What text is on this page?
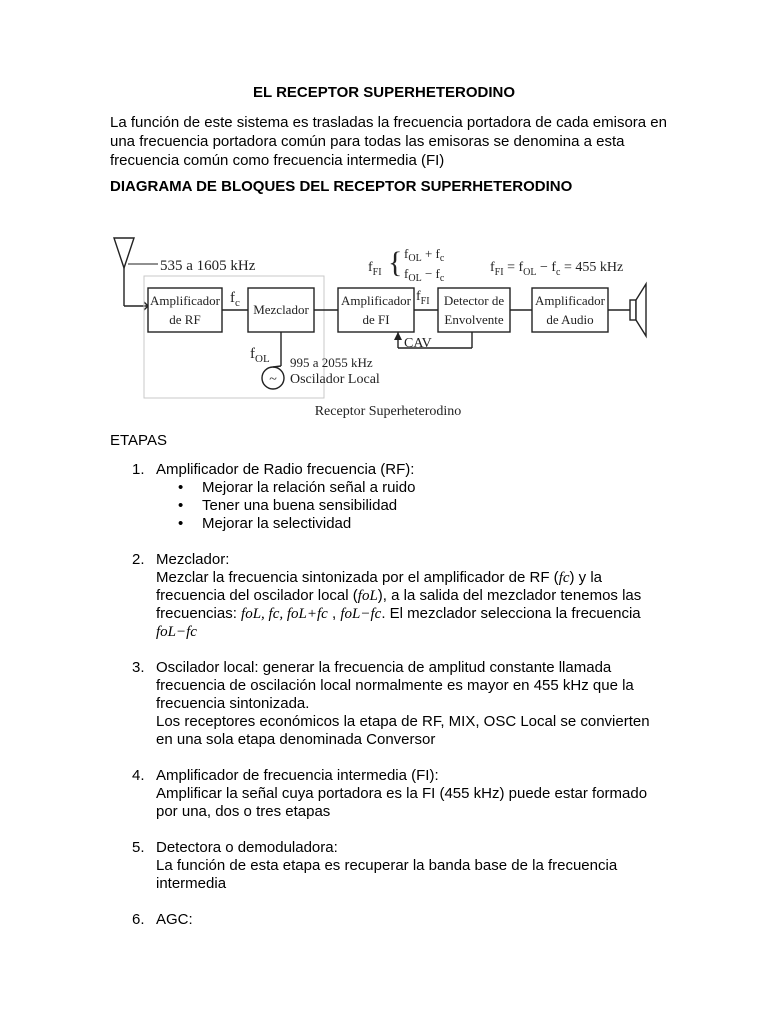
EL RECEPTOR SUPERHETERODINO
La función de este sistema es trasladas la frecuencia portadora de cada emisora en una frecuencia portadora común para todas las emisoras se denomina a esta frecuencia común como frecuencia intermedia (FI)
DIAGRAMA DE BLOQUES DEL RECEPTOR SUPERHETERODINO
535 a 1605 kHz
Amplificador
de RF
Mezclador
Amplificador
de FI
Detector de
Envolvente
Amplificador
de Audio
~ Oscilador Local
995 a 2055 kHz
$f_{OL}$
$f_c$	$f_{FI}$
$f_{FI}$ { $f_{OL} + f_c$
$f_{OL} - f_c$
$f_{FI} = f_{OL} - f_c = 455$ kHz
CAV
Receptor Superheterodino
ETAPAS
1. Amplificador de Radio frecuencia (RF):
• Mejorar la relación señal a ruido
• Tener una buena sensibilidad
• Mejorar la selectividad
2. Mezclador:
Mezclar la frecuencia sintonizada por el amplificador de RF (fc) y la frecuencia del oscilador local (foL), a la salida del mezclador tenemos las frecuencias: foL, fc, foL+fc , foL−fc. El mezclador selecciona la frecuencia foL−fc
3. Oscilador local: generar la frecuencia de amplitud constante llamada frecuencia de oscilación local normalmente es mayor en 455 kHz que la frecuencia sintonizada.
Los receptores económicos la etapa de RF, MIX, OSC Local se convierten en una sola etapa denominada Conversor
4. Amplificador de frecuencia intermedia (FI):
Amplificar la señal cuya portadora es la FI (455 kHz) puede estar formado por una, dos o tres etapas
5. Detectora o demoduladora:
La función de esta etapa es recuperar la banda base de la frecuencia intermedia
6. AGC:
